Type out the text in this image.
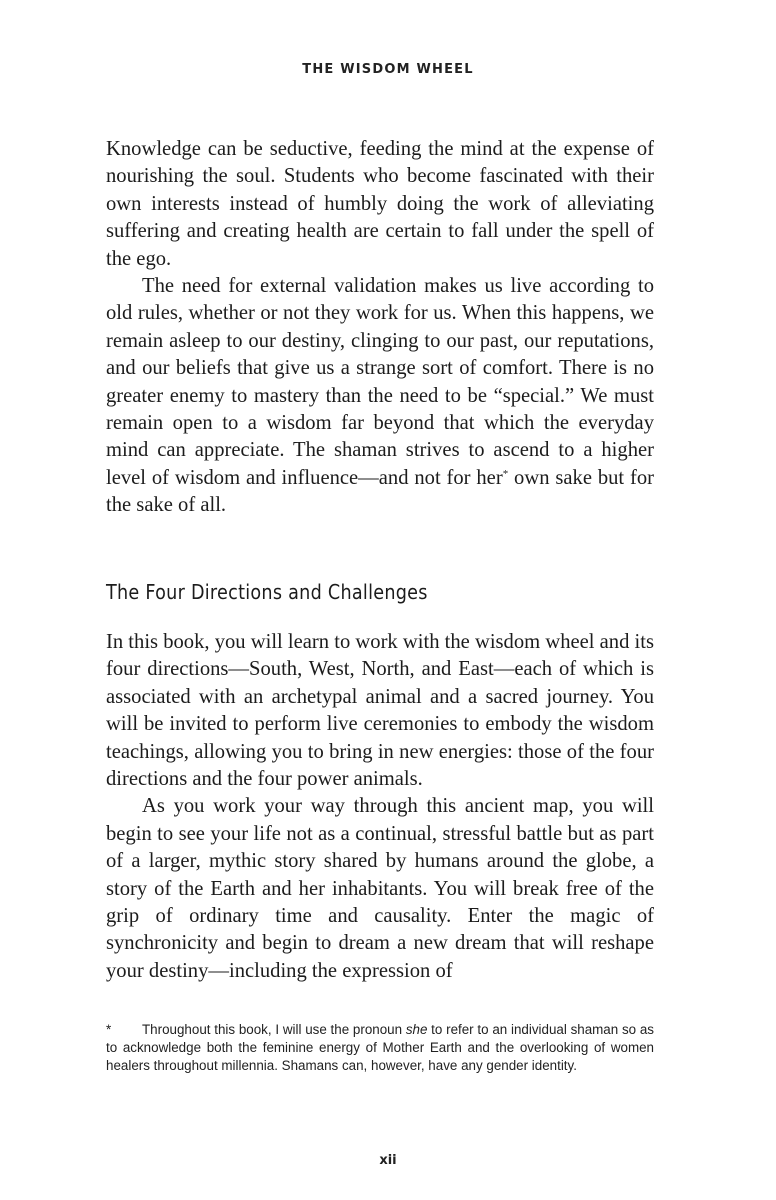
THE WISDOM WHEEL

Knowledge can be seductive, feeding the mind at the expense of nourishing the soul. Students who become fascinated with their own interests instead of humbly doing the work of alleviating suffering and creating health are certain to fall under the spell of the ego.

The need for external validation makes us live according to old rules, whether or not they work for us. When this happens, we remain asleep to our destiny, clinging to our past, our reputations, and our beliefs that give us a strange sort of comfort. There is no greater enemy to mastery than the need to be “special.” We must remain open to a wisdom far beyond that which the everyday mind can appreciate. The shaman strives to ascend to a higher level of wisdom and influence—and not for her* own sake but for the sake of all.

The Four Directions and Challenges

In this book, you will learn to work with the wisdom wheel and its four directions—South, West, North, and East—each of which is associated with an archetypal animal and a sacred journey. You will be invited to perform live ceremonies to embody the wisdom teachings, allowing you to bring in new energies: those of the four directions and the four power animals.

As you work your way through this ancient map, you will begin to see your life not as a continual, stressful battle but as part of a larger, mythic story shared by humans around the globe, a story of the Earth and her inhabitants. You will break free of the grip of ordinary time and causality. Enter the magic of synchronicity and begin to dream a new dream that will reshape your destiny—including the expression of

* Throughout this book, I will use the pronoun she to refer to an individual shaman so as to acknowledge both the feminine energy of Mother Earth and the overlooking of women healers throughout millennia. Shamans can, however, have any gender identity.
xii
